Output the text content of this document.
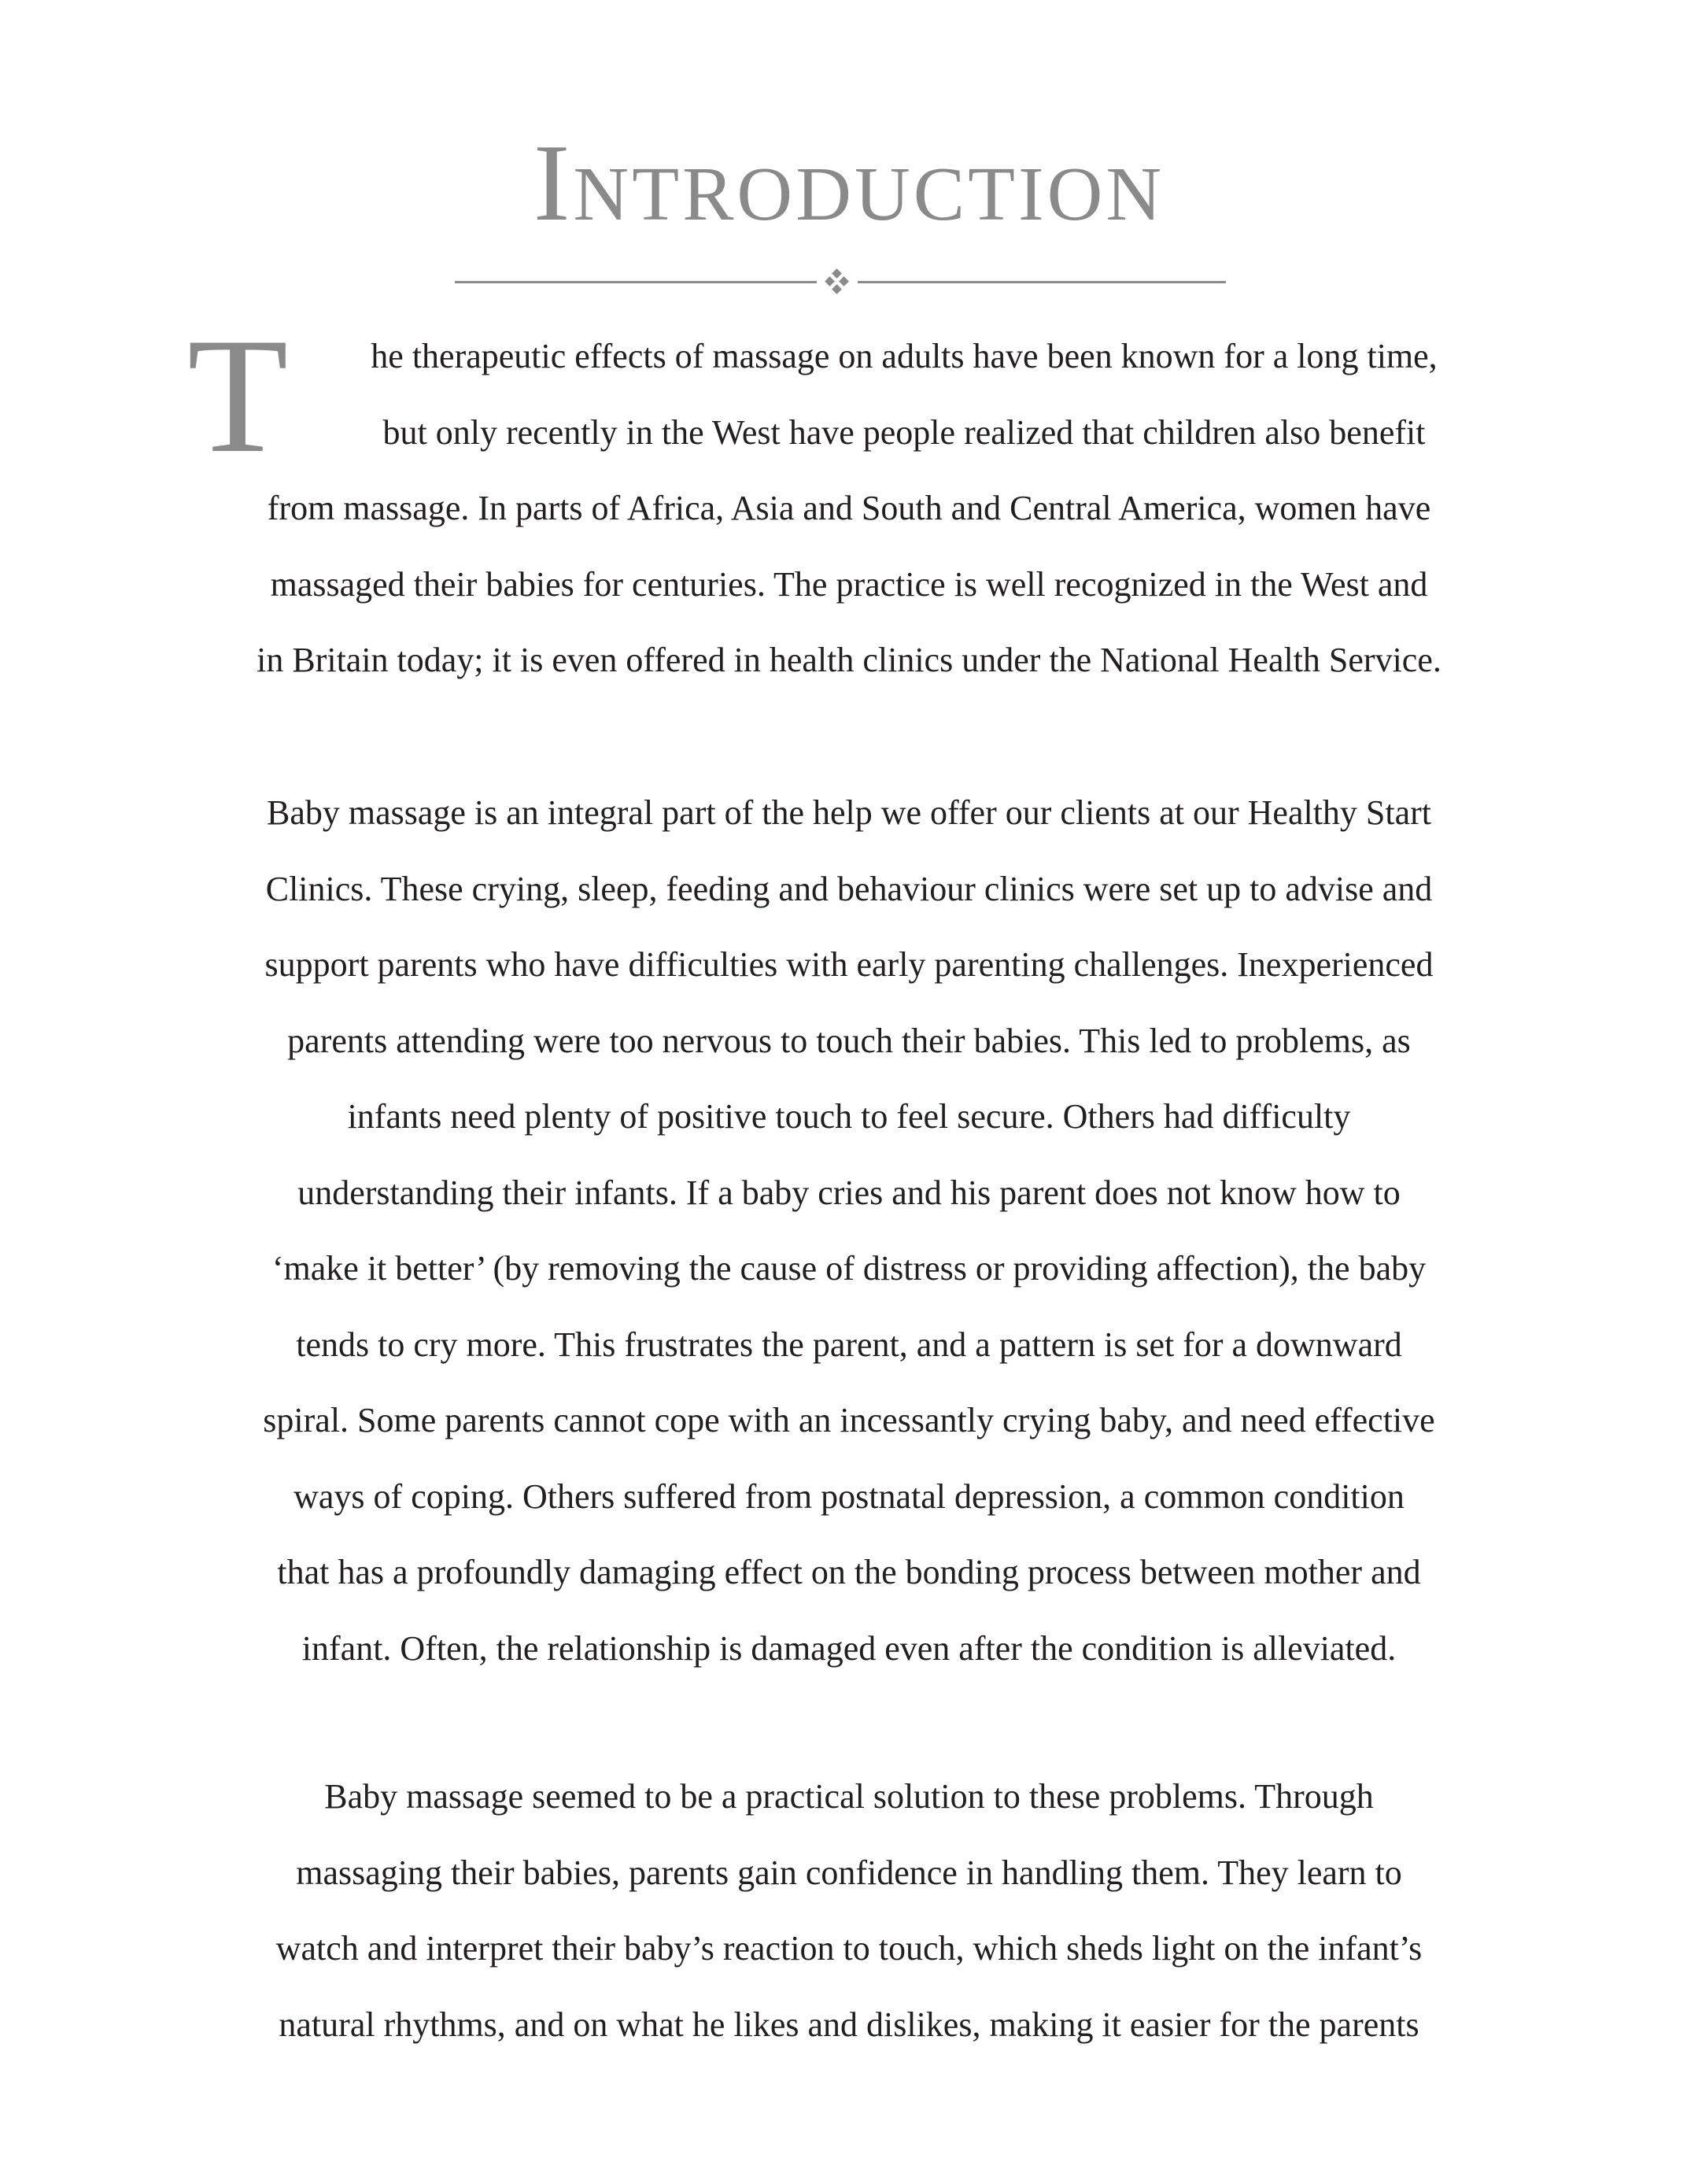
Introduction
T	he therapeutic effects of massage on adults have been known for a long time,
but only recently in the West have people realized that children also benefit
from massage. In parts of Africa, Asia and South and Central America, women have
massaged their babies for centuries. The practice is well recognized in the West and
in Britain today; it is even offered in health clinics under the National Health Service.

Baby massage is an integral part of the help we offer our clients at our Healthy Start
Clinics. These crying, sleep, feeding and behaviour clinics were set up to advise and
support parents who have difficulties with early parenting challenges. Inexperienced
parents attending were too nervous to touch their babies. This led to problems, as
infants need plenty of positive touch to feel secure. Others had difficulty
understanding their infants. If a baby cries and his parent does not know how to
‘make it better’ (by removing the cause of distress or providing affection), the baby
tends to cry more. This frustrates the parent, and a pattern is set for a downward
spiral. Some parents cannot cope with an incessantly crying baby, and need effective
ways of coping. Others suffered from postnatal depression, a common condition
that has a profoundly damaging effect on the bonding process between mother and
infant. Often, the relationship is damaged even after the condition is alleviated.

Baby massage seemed to be a practical solution to these problems. Through
massaging their babies, parents gain confidence in handling them. They learn to
watch and interpret their baby’s reaction to touch, which sheds light on the infant’s
natural rhythms, and on what he likes and dislikes, making it easier for the parents
